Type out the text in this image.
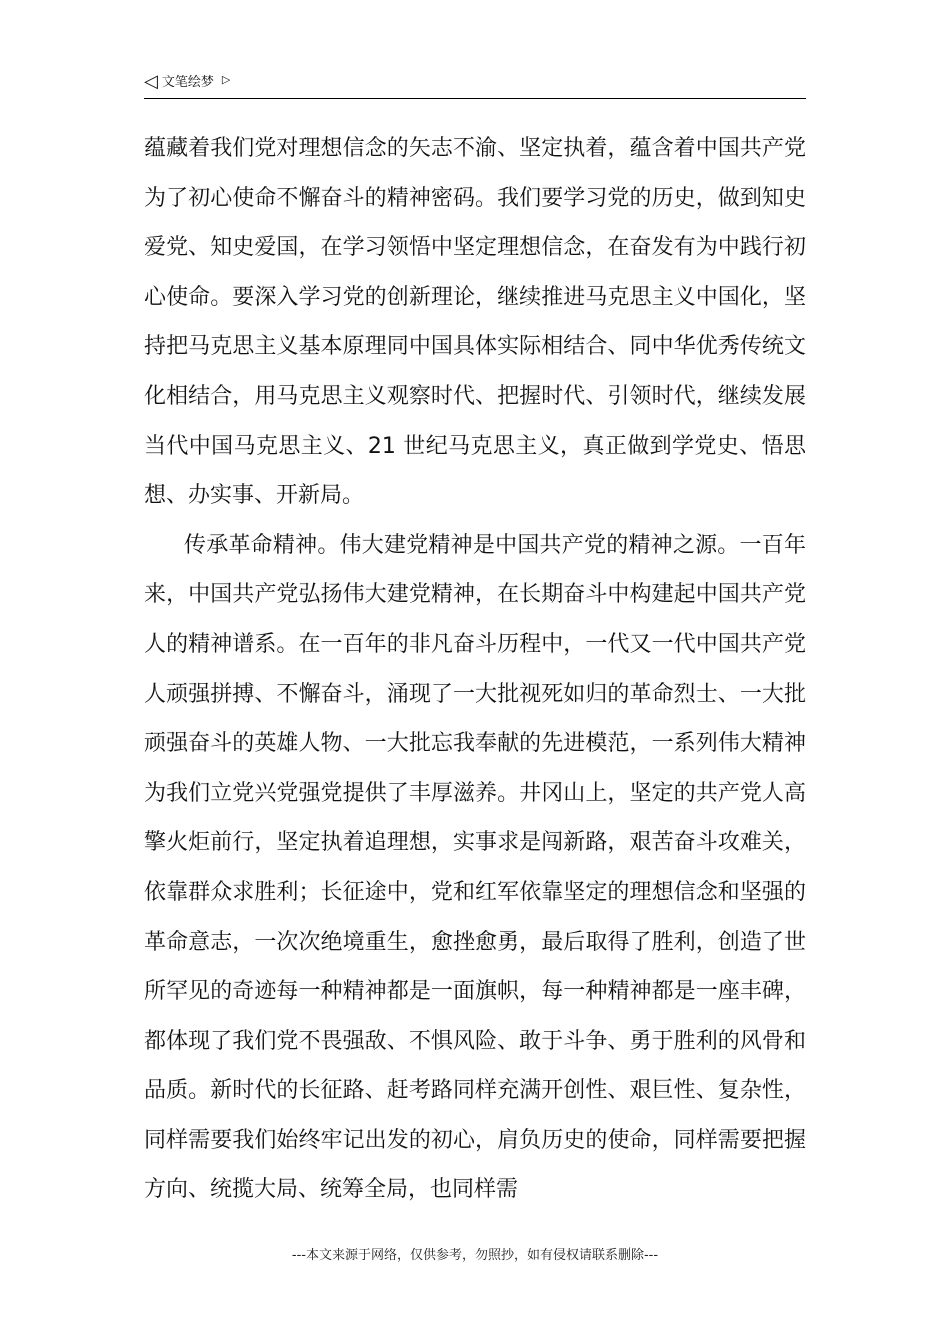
◁ 文笔绘梦 ▷

蕴藏着我们党对理想信念的矢志不渝、坚定执着，蕴含着中国共产党为了初心使命不懈奋斗的精神密码。我们要学习党的历史，做到知史爱党、知史爱国，在学习领悟中坚定理想信念，在奋发有为中践行初心使命。要深入学习党的创新理论，继续推进马克思主义中国化，坚持把马克思主义基本原理同中国具体实际相结合、同中华优秀传统文化相结合，用马克思主义观察时代、把握时代、引领时代，继续发展当代中国马克思主义、21 世纪马克思主义，真正做到学党史、悟思想、办实事、开新局。

传承革命精神。伟大建党精神是中国共产党的精神之源。一百年来，中国共产党弘扬伟大建党精神，在长期奋斗中构建起中国共产党人的精神谱系。在一百年的非凡奋斗历程中，一代又一代中国共产党人顽强拼搏、不懈奋斗，涌现了一大批视死如归的革命烈士、一大批顽强奋斗的英雄人物、一大批忘我奉献的先进模范，一系列伟大精神为我们立党兴党强党提供了丰厚滋养。井冈山上，坚定的共产党人高擎火炬前行，坚定执着追理想，实事求是闯新路，艰苦奋斗攻难关，依靠群众求胜利；长征途中，党和红军依靠坚定的理想信念和坚强的革命意志，一次次绝境重生，愈挫愈勇，最后取得了胜利，创造了世所罕见的奇迹每一种精神都是一面旗帜，每一种精神都是一座丰碑，都体现了我们党不畏强敌、不惧风险、敢于斗争、勇于胜利的风骨和品质。新时代的长征路、赶考路同样充满开创性、艰巨性、复杂性，同样需要我们始终牢记出发的初心，肩负历史的使命，同样需要把握方向、统揽大局、统筹全局，也同样需

---本文来源于网络，仅供参考，勿照抄，如有侵权请联系删除---
